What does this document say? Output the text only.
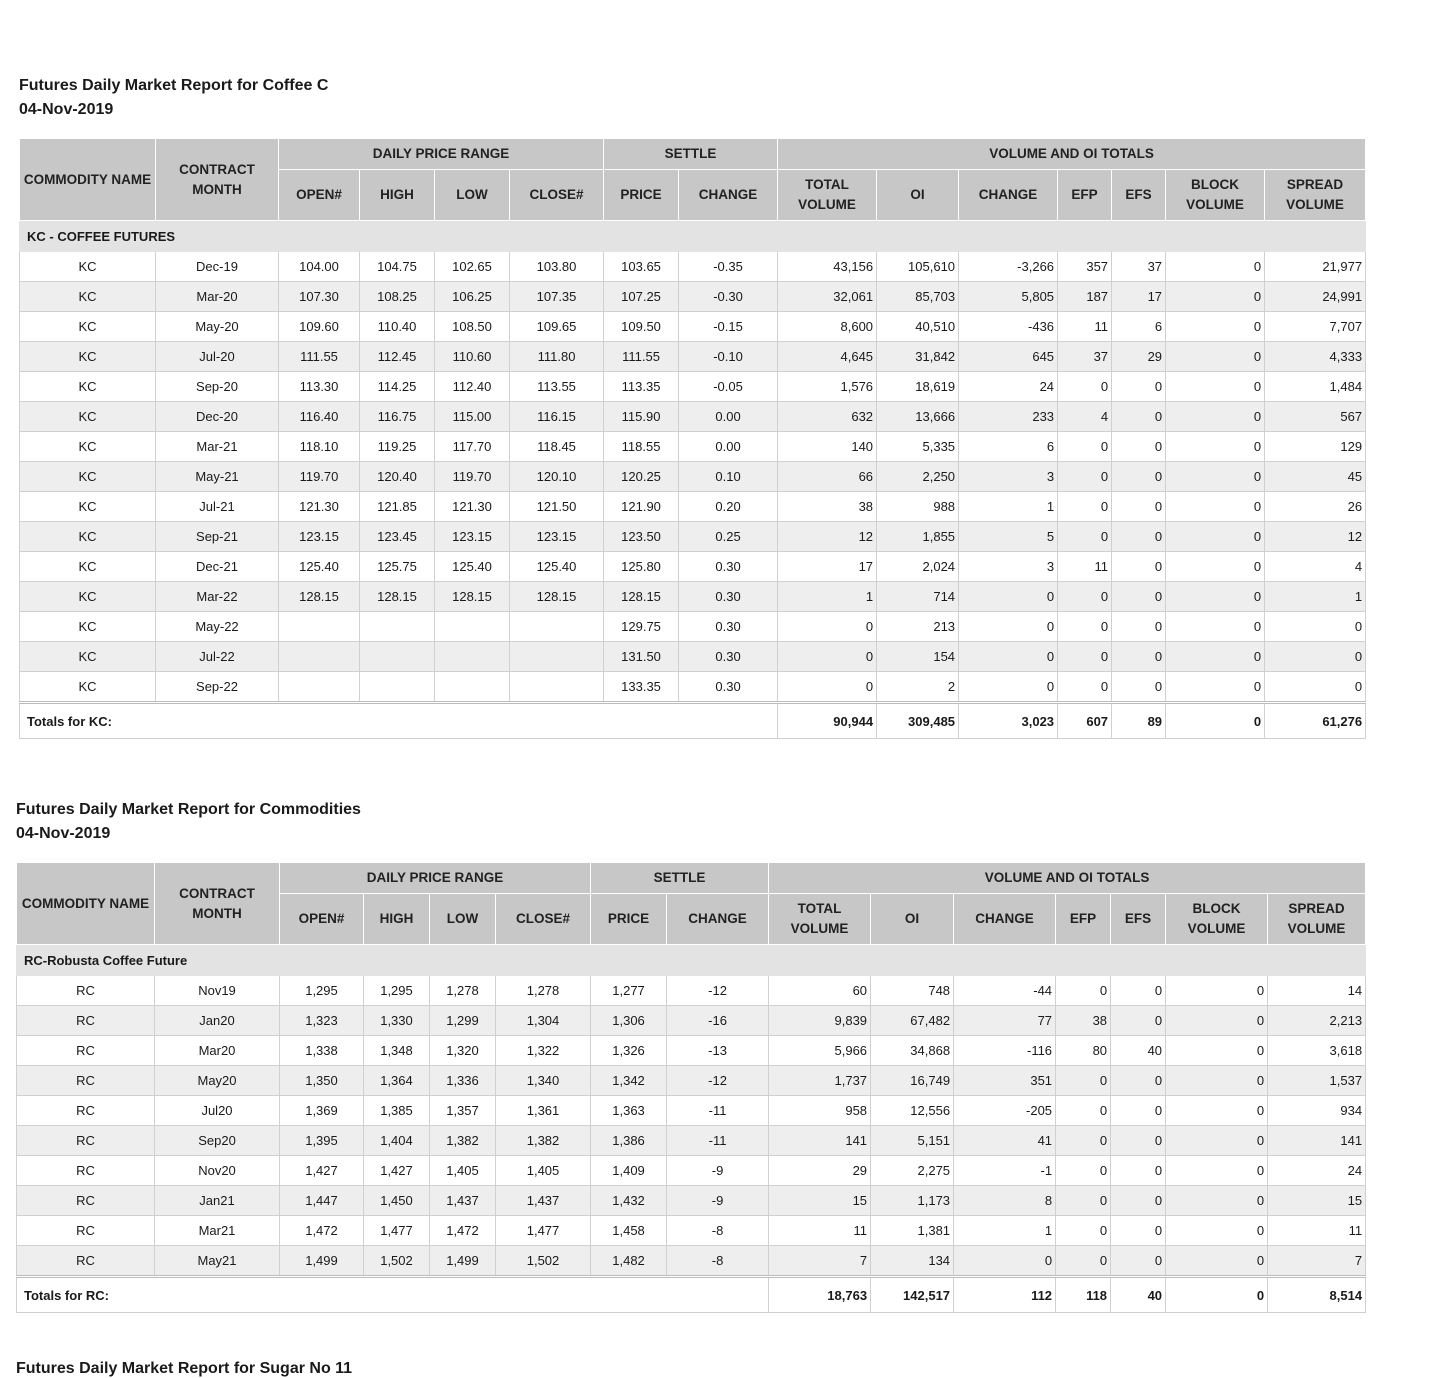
Futures Daily Market Report for Coffee C
04-Nov-2019
COMMODITY NAME	CONTRACT MONTH	DAILY PRICE RANGE				SETTLE		VOLUME AND OI TOTALS						
		OPEN#	HIGH	LOW	CLOSE#	PRICE	CHANGE	TOTAL VOLUME	OI	CHANGE	EFP	EFS	BLOCK VOLUME	SPREAD VOLUME
KC - COFFEE FUTURES														
KC	Dec-19	104.00	104.75	102.65	103.80	103.65	-0.35	43,156	105,610	-3,266	357	37	0	21,977
KC	Mar-20	107.30	108.25	106.25	107.35	107.25	-0.30	32,061	85,703	5,805	187	17	0	24,991
KC	May-20	109.60	110.40	108.50	109.65	109.50	-0.15	8,600	40,510	-436	11	6	0	7,707
KC	Jul-20	111.55	112.45	110.60	111.80	111.55	-0.10	4,645	31,842	645	37	29	0	4,333
KC	Sep-20	113.30	114.25	112.40	113.55	113.35	-0.05	1,576	18,619	24	0	0	0	1,484
KC	Dec-20	116.40	116.75	115.00	116.15	115.90	0.00	632	13,666	233	4	0	0	567
KC	Mar-21	118.10	119.25	117.70	118.45	118.55	0.00	140	5,335	6	0	0	0	129
KC	May-21	119.70	120.40	119.70	120.10	120.25	0.10	66	2,250	3	0	0	0	45
KC	Jul-21	121.30	121.85	121.30	121.50	121.90	0.20	38	988	1	0	0	0	26
KC	Sep-21	123.15	123.45	123.15	123.15	123.50	0.25	12	1,855	5	0	0	0	12
KC	Dec-21	125.40	125.75	125.40	125.40	125.80	0.30	17	2,024	3	11	0	0	4
KC	Mar-22	128.15	128.15	128.15	128.15	128.15	0.30	1	714	0	0	0	0	1
KC	May-22					129.75	0.30	0	213	0	0	0	0	0
KC	Jul-22					131.50	0.30	0	154	0	0	0	0	0
KC	Sep-22					133.35	0.30	0	2	0	0	0	0	0
Totals for KC:								90,944	309,485	3,023	607	89	0	61,276
Futures Daily Market Report for Commodities
04-Nov-2019
COMMODITY NAME	CONTRACT MONTH	DAILY PRICE RANGE				SETTLE		VOLUME AND OI TOTALS						
		OPEN#	HIGH	LOW	CLOSE#	PRICE	CHANGE	TOTAL VOLUME	OI	CHANGE	EFP	EFS	BLOCK VOLUME	SPREAD VOLUME
RC-Robusta Coffee Future														
RC	Nov19	1,295	1,295	1,278	1,278	1,277	-12	60	748	-44	0	0	0	14
RC	Jan20	1,323	1,330	1,299	1,304	1,306	-16	9,839	67,482	77	38	0	0	2,213
RC	Mar20	1,338	1,348	1,320	1,322	1,326	-13	5,966	34,868	-116	80	40	0	3,618
RC	May20	1,350	1,364	1,336	1,340	1,342	-12	1,737	16,749	351	0	0	0	1,537
RC	Jul20	1,369	1,385	1,357	1,361	1,363	-11	958	12,556	-205	0	0	0	934
RC	Sep20	1,395	1,404	1,382	1,382	1,386	-11	141	5,151	41	0	0	0	141
RC	Nov20	1,427	1,427	1,405	1,405	1,409	-9	29	2,275	-1	0	0	0	24
RC	Jan21	1,447	1,450	1,437	1,437	1,432	-9	15	1,173	8	0	0	0	15
RC	Mar21	1,472	1,477	1,472	1,477	1,458	-8	11	1,381	1	0	0	0	11
RC	May21	1,499	1,502	1,499	1,502	1,482	-8	7	134	0	0	0	0	7
Totals for RC:								18,763	142,517	112	118	40	0	8,514
Futures Daily Market Report for Sugar No 11
